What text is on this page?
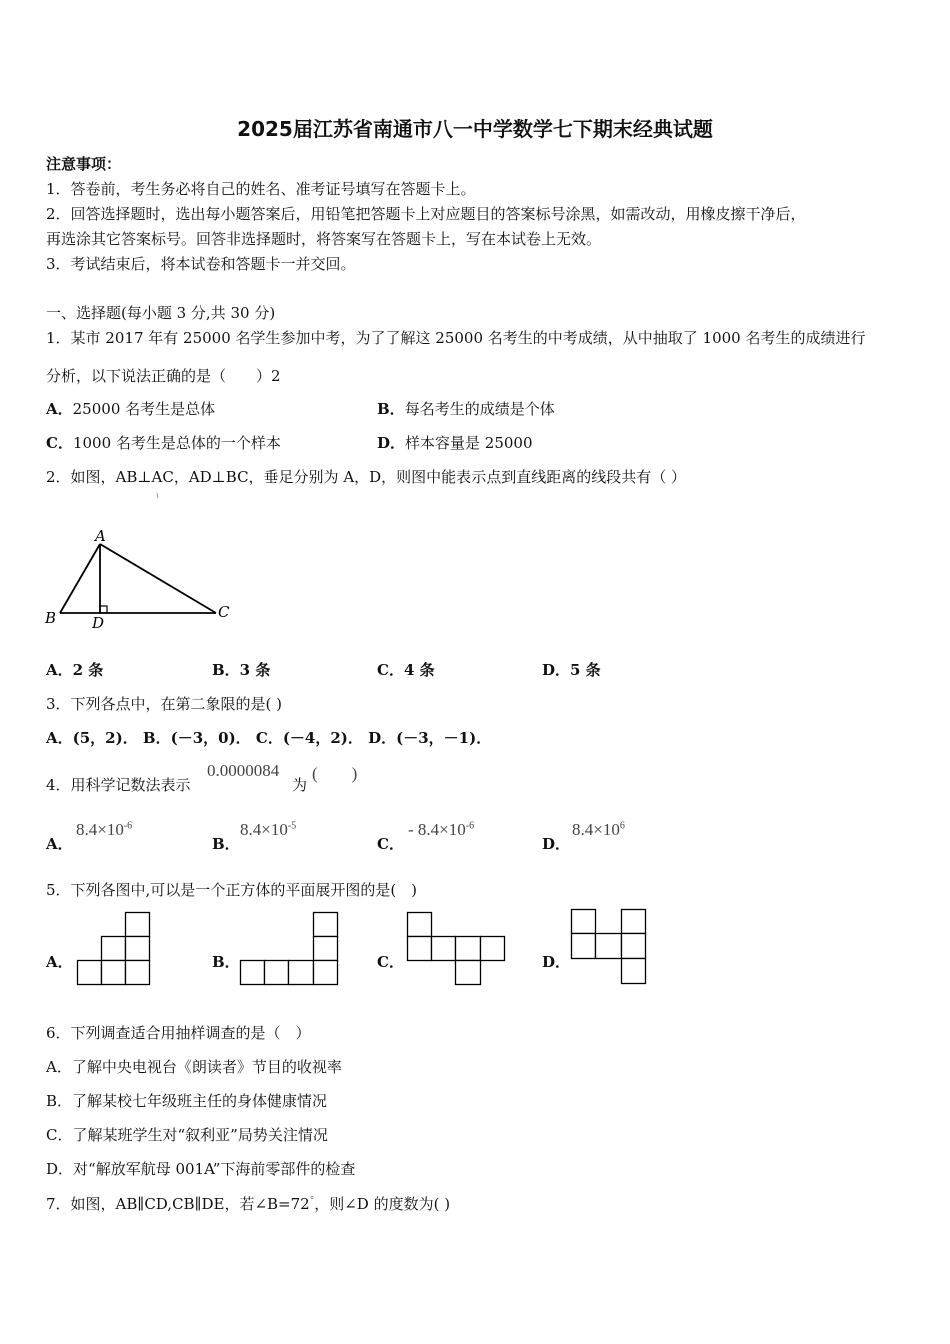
2025届江苏省南通市八一中学数学七下期末经典试题
注意事项：
1．答卷前，考生务必将自己的姓名、准考证号填写在答题卡上。
2．回答选择题时，选出每小题答案后，用铅笔把答题卡上对应题目的答案标号涂黑，如需改动，用橡皮擦干净后，
再选涂其它答案标号。回答非选择题时，将答案写在答题卡上，写在本试卷上无效。
3．考试结束后，将本试卷和答题卡一并交回。
一、选择题(每小题 3 分,共 30 分)
1．某市 2017 年有 25000 名学生参加中考，为了了解这 25000 名考生的中考成绩，从中抽取了 1000 名考生的成绩进行
分析，以下说法正确的是（　　）2
A．25000 名考生是总体	B．每名考生的成绩是个体
C．1000 名考生是总体的一个样本	D．样本容量是 25000
2．如图，AB⊥AC，AD⊥BC，垂足分别为 A，D，则图中能表示点到直线距离的线段共有（ ）
A
B	C
D
A．2 条	B．3 条	C．4 条	D．5 条
3．下列各点中，在第二象限的是( )
A．(5，2)． B．(－3，0)． C．(－4，2)． D．(－3，－1)．
4．用科学记数法表示
0.0000084
为
(　　)
A．
$8.4\times 10^{-6}$
B．
$8.4\times 10^{-5}$
C．
- $8.4\times 10^{-6}$
D．
$8.4\times 10^6$
5．下列各图中,可以是一个正方体的平面展开图的是(　)
A．	B．	C．	D．
6．下列调查适合用抽样调查的是（　）
A．了解中央电视台《朗读者》节目的收视率
B．了解某校七年级班主任的身体健康情况
C．了解某班学生对“叙利亚”局势关注情况
D．对“解放军航母 001A”下海前零部件的检查
7．如图，AB∥CD,CB∥DE，若∠B=72°，则∠D 的度数为( )
